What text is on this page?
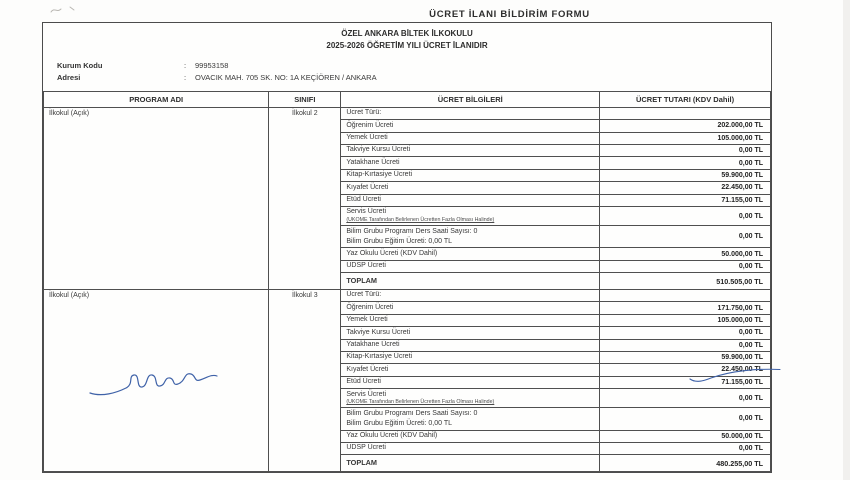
ÜCRET İLANI BİLDİRİM FORMU
ÖZEL ANKARA BİLTEK İLKOKULU
2025-2026 ÖĞRETİM YILI ÜCRET İLANIDIR
Kurum Kodu	:	99953158
Adresi	:	OVACIK MAH. 705 SK. NO: 1A KEÇİÖREN / ANKARA
PROGRAM ADI	SINIFI	ÜCRET BİLGİLERİ	ÜCRET TUTARI (KDV Dahil)
İlkokul (Açık)	İlkokul 2	Ücret Türü:	

		Öğrenim Ücreti	202.000,00 TL

		Yemek Ücreti	105.000,00 TL

		Takviye Kursu Ücreti	0,00 TL

		Yatakhane Ücreti	0,00 TL

		Kitap-Kırtasiye Ücreti	59.900,00 TL

		Kıyafet Ücreti	22.450,00 TL

		Etüd Ücreti	71.155,00 TL

		Servis Ücreti
(UKOME Tarafından Belirlenen Ücretten Fazla Olması Halinde)	0,00 TL

		Bilim Grubu Programı Ders Saati Sayısı: 0
Bilim Grubu Eğitim Ücreti: 0,00 TL	0,00 TL

		Yaz Okulu Ücreti (KDV Dahil)	50.000,00 TL

		UDSP Ücreti	0,00 TL

		TOPLAM	510.505,00 TL
İlkokul (Açık)	İlkokul 3	Ücret Türü:	

		Öğrenim Ücreti	171.750,00 TL

		Yemek Ücreti	105.000,00 TL

		Takviye Kursu Ücreti	0,00 TL

		Yatakhane Ücreti	0,00 TL

		Kitap-Kırtasiye Ücreti	59.900,00 TL

		Kıyafet Ücreti	22.450,00 TL

		Etüd Ücreti	71.155,00 TL

		Servis Ücreti
(UKOME Tarafından Belirlenen Ücretten Fazla Olması Halinde)	0,00 TL

		Bilim Grubu Programı Ders Saati Sayısı: 0
Bilim Grubu Eğitim Ücreti: 0,00 TL	0,00 TL

		Yaz Okulu Ücreti (KDV Dahil)	50.000,00 TL

		UDSP Ücreti	0,00 TL

		TOPLAM	480.255,00 TL
